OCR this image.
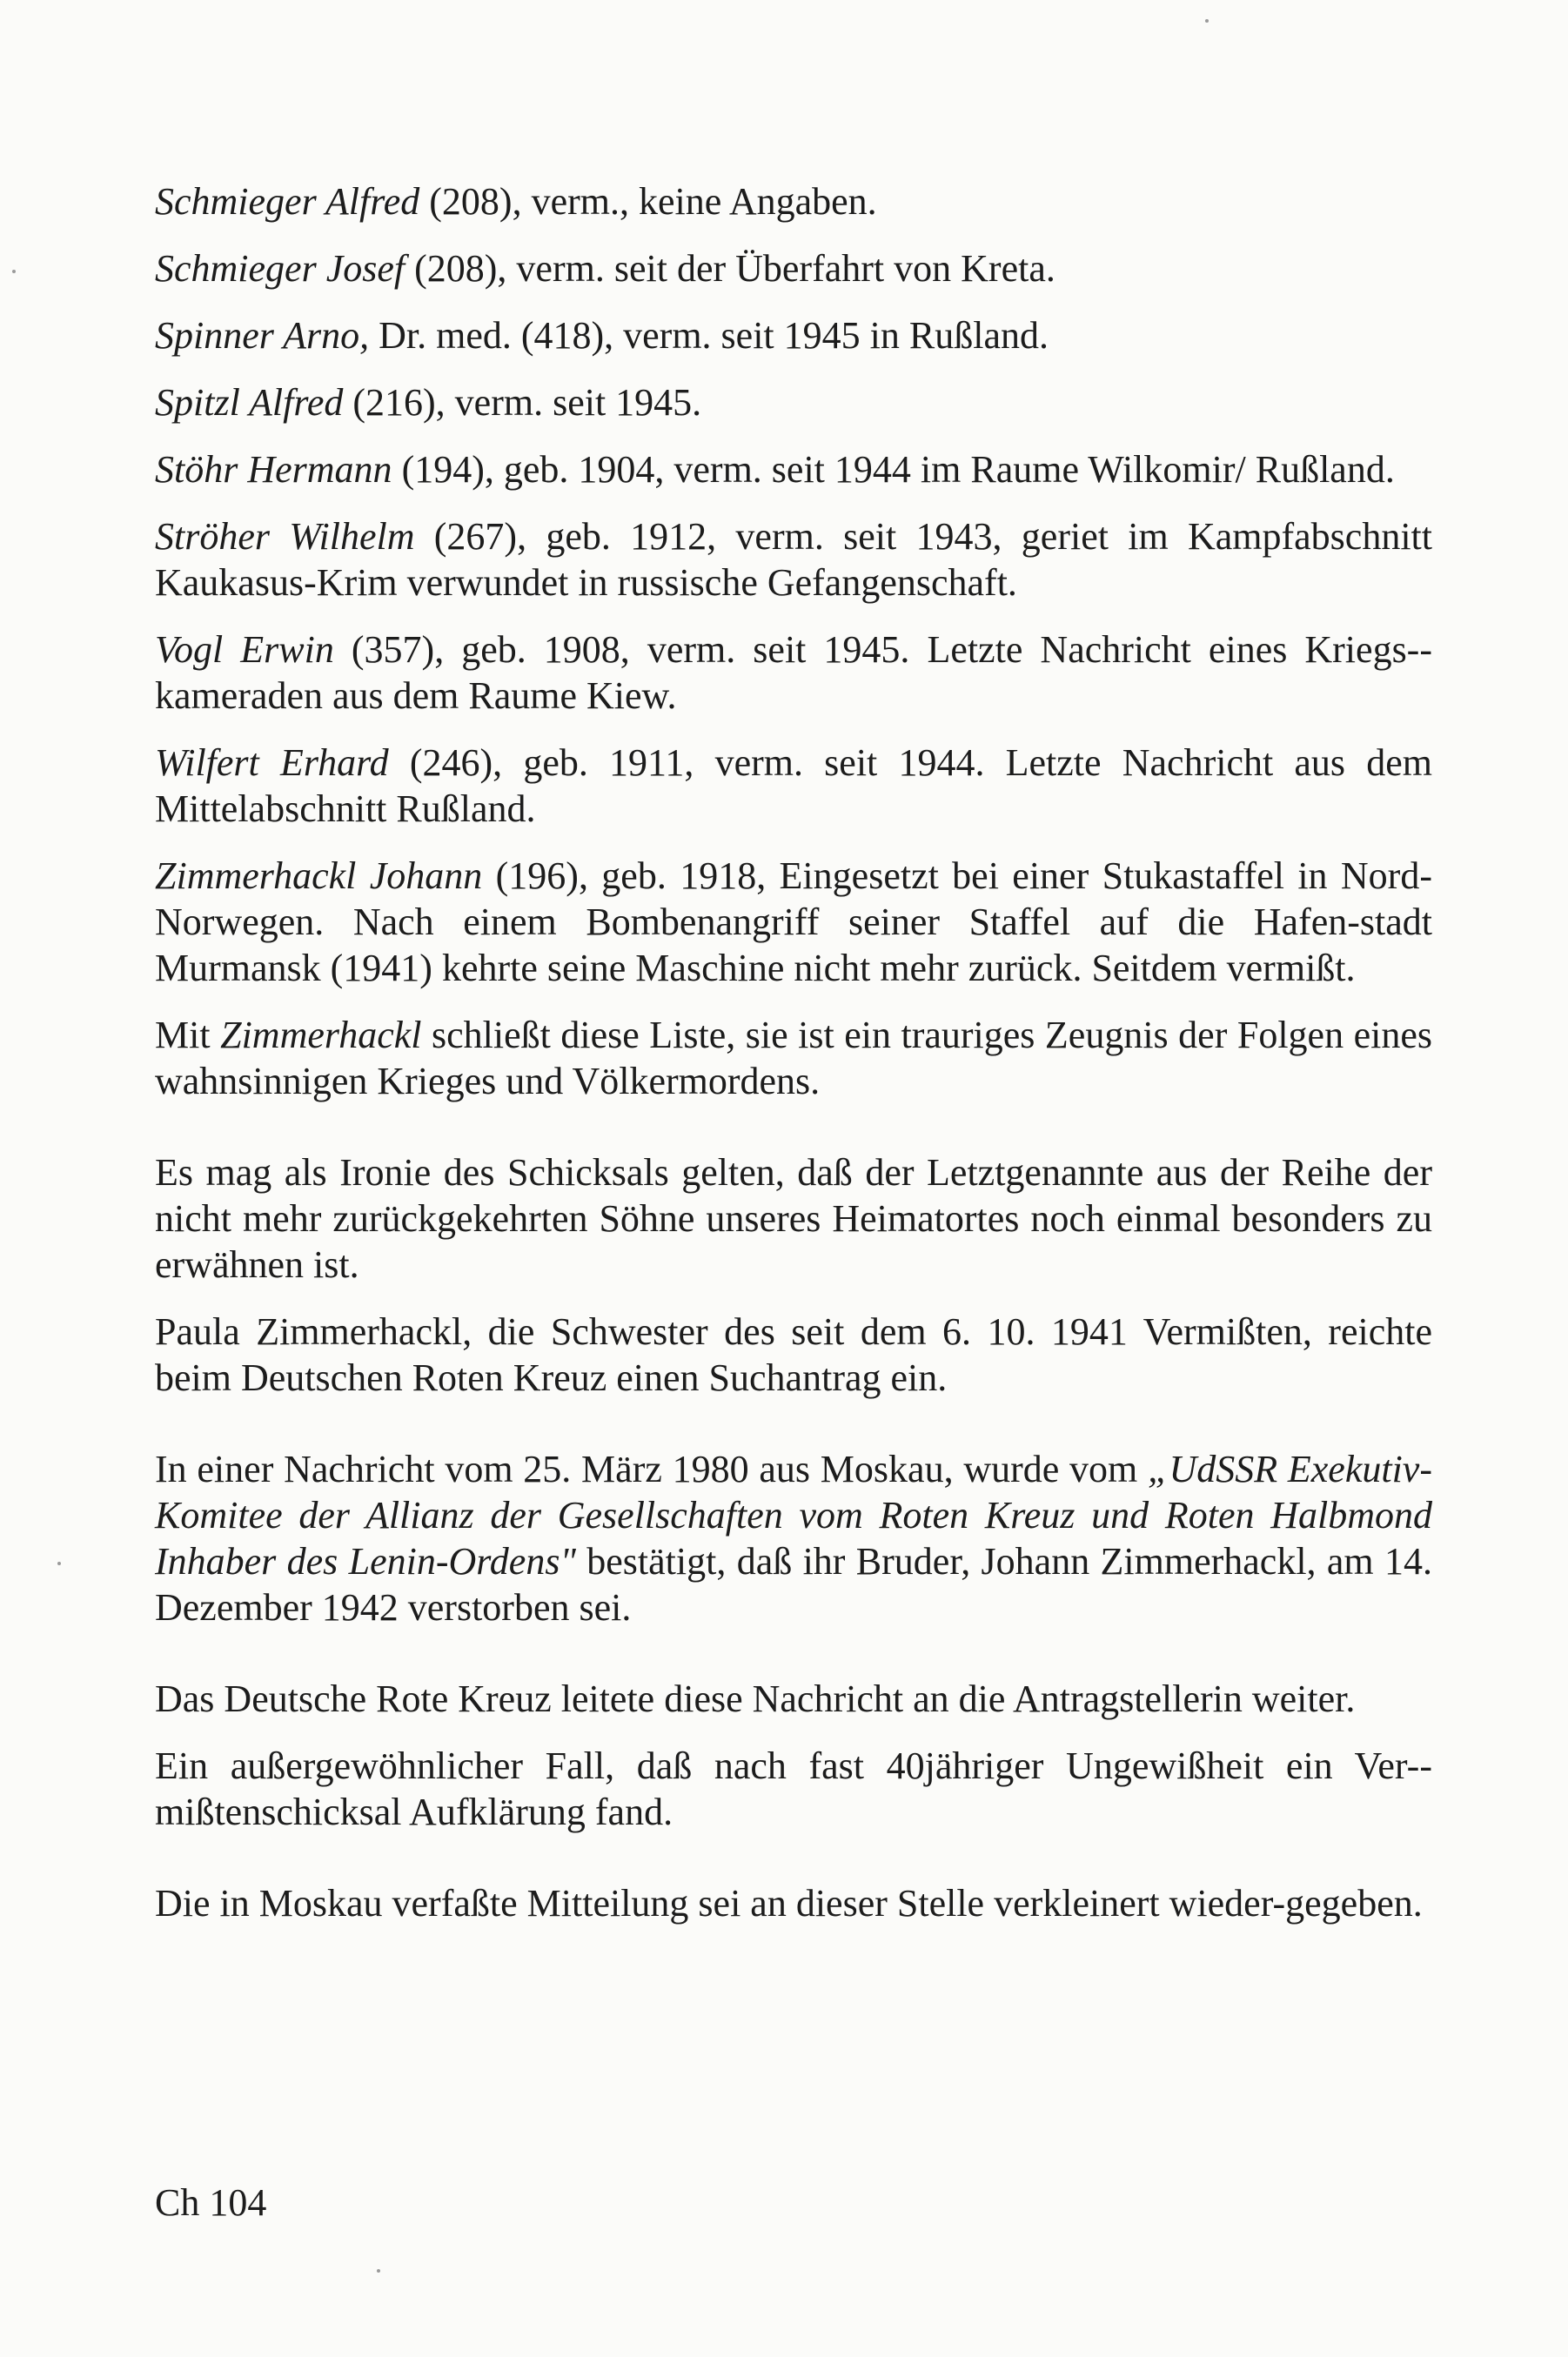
Schmieger Alfred (208), verm., keine Angaben.

Schmieger Josef (208), verm. seit der Überfahrt von Kreta.

Spinner Arno, Dr. med. (418), verm. seit 1945 in Rußland.

Spitzl Alfred (216), verm. seit 1945.

Stöhr Hermann (194), geb. 1904, verm. seit 1944 im Raume Wilkomir/ Rußland.

Ströher Wilhelm (267), geb. 1912, verm. seit 1943, geriet im Kampfabschnitt Kaukasus-Krim verwundet in russische Gefangenschaft.

Vogl Erwin (357), geb. 1908, verm. seit 1945. Letzte Nachricht eines Kriegs-kameraden aus dem Raume Kiew.

Wilfert Erhard (246), geb. 1911, verm. seit 1944. Letzte Nachricht aus dem Mittelabschnitt Rußland.

Zimmerhackl Johann (196), geb. 1918, Eingesetzt bei einer Stukastaffel in Nord-Norwegen. Nach einem Bombenangriff seiner Staffel auf die Hafen-stadt Murmansk (1941) kehrte seine Maschine nicht mehr zurück. Seitdem vermißt.

Mit Zimmerhackl schließt diese Liste, sie ist ein trauriges Zeugnis der Folgen eines wahnsinnigen Krieges und Völkermordens.

Es mag als Ironie des Schicksals gelten, daß der Letztgenannte aus der Reihe der nicht mehr zurückgekehrten Söhne unseres Heimatortes noch einmal besonders zu erwähnen ist.

Paula Zimmerhackl, die Schwester des seit dem 6. 10. 1941 Vermißten, reichte beim Deutschen Roten Kreuz einen Suchantrag ein.

In einer Nachricht vom 25. März 1980 aus Moskau, wurde vom „UdSSR Exekutiv-Komitee der Allianz der Gesellschaften vom Roten Kreuz und Roten Halbmond Inhaber des Lenin-Ordens" bestätigt, daß ihr Bruder, Johann Zimmerhackl, am 14. Dezember 1942 verstorben sei.

Das Deutsche Rote Kreuz leitete diese Nachricht an die Antragstellerin weiter.

Ein außergewöhnlicher Fall, daß nach fast 40jähriger Ungewißheit ein Ver-mißtenschicksal Aufklärung fand.

Die in Moskau verfaßte Mitteilung sei an dieser Stelle verkleinert wieder-gegeben.

Ch 104
